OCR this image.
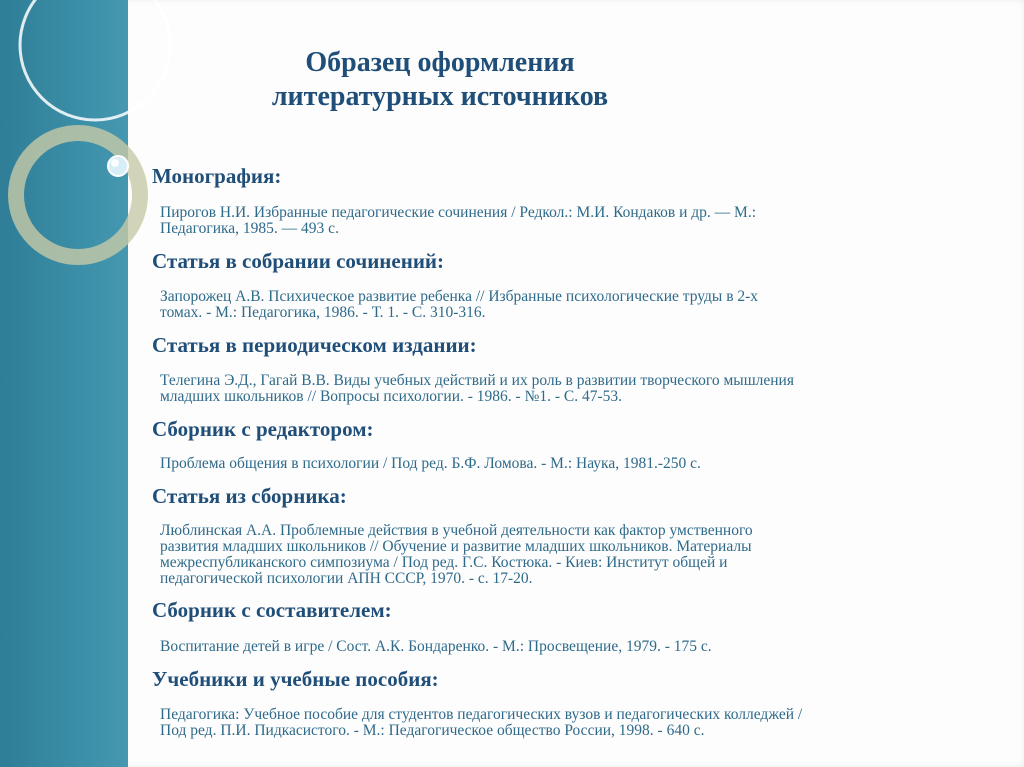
Образец оформления
литературных источников
Монография:
Пирогов Н.И. Избранные педагогические сочинения / Редкол.: М.И. Кондаков и др. — М.:
Педагогика, 1985. — 493 с.
Статья в собрании сочинений:
Запорожец А.В. Психическое развитие ребенка // Избранные психологические труды в 2-х
томах. - М.: Педагогика, 1986. - Т. 1. - С. 310-316.
Статья в периодическом издании:
Телегина Э.Д., Гагай В.В. Виды учебных действий и их роль в развитии творческого мышления
младших школьников // Вопросы психологии. - 1986. - №1. - С. 47-53.
Сборник с редактором:
Проблема общения в психологии / Под ред. Б.Ф. Ломова. - М.: Наука, 1981.-250 с.
Статья из сборника:
Люблинская А.А. Проблемные действия в учебной деятельности как фактор умственного
развития младших школьников // Обучение и развитие младших школьников. Материалы
межреспубликанского симпозиума / Под ред. Г.С. Костюка. - Киев: Институт общей и
педагогической психологии АПН СССР, 1970. - с. 17-20.
Сборник с составителем:
Воспитание детей в игре / Сост. А.К. Бондаренко. - М.: Просвещение, 1979. - 175 с.
Учебники и учебные пособия:
Педагогика: Учебное пособие для студентов педагогических вузов и педагогических колледжей /
Под ред. П.И. Пидкасистого. - М.: Педагогическое общество России, 1998. - 640 с.
